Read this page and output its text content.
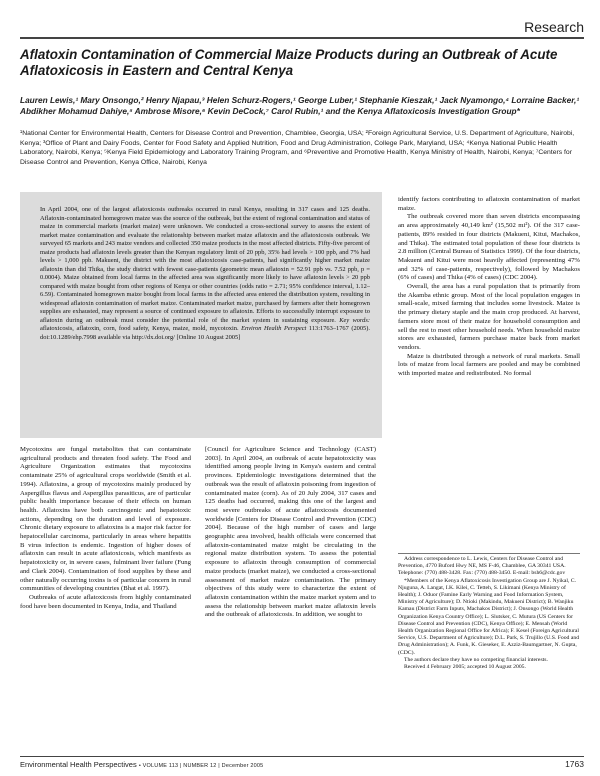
Research
Aflatoxin Contamination of Commercial Maize Products during an Outbreak of Acute Aflatoxicosis in Eastern and Central Kenya
Lauren Lewis,¹ Mary Onsongo,² Henry Njapau,³ Helen Schurz-Rogers,¹ George Luber,¹ Stephanie Kieszak,¹ Jack Nyamongo,⁴ Lorraine Backer,¹ Abdikher Mohamud Dahiye,⁵ Ambrose Misore,⁶ Kevin DeCock,⁷ Carol Rubin,¹ and the Kenya Aflatoxicosis Investigation Group*
¹National Center for Environmental Health, Centers for Disease Control and Prevention, Chamblee, Georgia, USA; ²Foreign Agricultural Service, U.S. Department of Agriculture, Nairobi, Kenya; ³Office of Plant and Dairy Foods, Center for Food Safety and Applied Nutrition, Food and Drug Administration, College Park, Maryland, USA; ⁴Kenya National Public Health Laboratory, Nairobi, Kenya; ⁵Kenya Field Epidemiology and Laboratory Training Program, and ⁶Preventive and Promotive Health, Kenya Ministry of Health, Nairobi, Kenya; ⁷Centers for Disease Control and Prevention, Kenya Office, Nairobi, Kenya
In April 2004, one of the largest aflatoxicosis outbreaks occurred in rural Kenya, resulting in 317 cases and 125 deaths. Aflatoxin-contaminated homegrown maize was the source of the outbreak, but the extent of regional contamination and status of maize in commercial markets (market maize) were unknown. We conducted a cross-sectional survey to assess the extent of market maize contamination and evaluate the relationship between market maize aflatoxin and the aflatoxicosis outbreak. We surveyed 65 markets and 243 maize vendors and collected 350 maize products in the most affected districts. Fifty-five percent of maize products had aflatoxin levels greater than the Kenyan regulatory limit of 20 ppb, 35% had levels > 100 ppb, and 7% had levels > 1,000 ppb. Makueni, the district with the most aflatoxicosis case-patients, had significantly higher market maize aflatoxin than did Thika, the study district with fewest case-patients (geometric mean aflatoxin = 52.91 ppb vs. 7.52 ppb, p = 0.0004). Maize obtained from local farms in the affected area was significantly more likely to have aflatoxin levels > 20 ppb compared with maize bought from other regions of Kenya or other countries (odds ratio = 2.71; 95% confidence interval, 1.12–6.59). Contaminated homegrown maize bought from local farms in the affected area entered the distribution system, resulting in widespread aflatoxin contamination of market maize. Contaminated market maize, purchased by farmers after their homegrown supplies are exhausted, may represent a source of continued exposure to aflatoxin. Efforts to successfully interrupt exposure to aflatoxin during an outbreak must consider the potential role of the market system in sustaining exposure. Key words: aflatoxicosis, aflatoxin, corn, food safety, Kenya, maize, mold, mycotoxin. Environ Health Perspect 113:1763–1767 (2005). doi:10.1289/ehp.7998 available via http://dx.doi.org/ [Online 10 August 2005]

Mycotoxins are fungal metabolites that can contaminate agricultural products and threaten food safety. The Food and Agriculture Organization estimates that mycotoxins contaminate 25% of agricultural crops worldwide (Smith et al. 1994). Aflatoxins, a group of mycotoxins mainly produced by Aspergillus flavus and Aspergillus parasiticus, are of particular public health importance because of their effects on human health. Aflatoxins have both carcinogenic and hepatotoxic actions, depending on the duration and level of exposure. Chronic dietary exposure to aflatoxins is a major risk factor for hepatocellular carcinoma, particularly in areas where hepatitis B virus infection is endemic. Ingestion of higher doses of aflatoxin can result in acute aflatoxicosis, which manifests as hepatotoxicity or, in severe cases, fulminant liver failure (Fung and Clark 2004). Contamination of food supplies by these and other naturally occurring toxins is of particular concern in rural communities of developing countries (Bhat et al. 1997).

Outbreaks of acute aflatoxicosis from highly contaminated food have been documented in Kenya, India, and Thailand

[Council for Agriculture Science and Technology (CAST) 2003]. In April 2004, an outbreak of acute hepatotoxicity was identified among people living in Kenya's eastern and central provinces. Epidemiologic investigations determined that the outbreak was the result of aflatoxin poisoning from ingestion of contaminated maize (corn). As of 20 July 2004, 317 cases and 125 deaths had occurred, making this one of the largest and most severe outbreaks of acute aflatoxicosis documented worldwide [Centers for Disease Control and Prevention (CDC) 2004]. Because of the high number of cases and large geographic area involved, health officials were concerned that aflatoxin-contaminated maize might be circulating in the regional maize distribution system. To assess the potential exposure to aflatoxin through consumption of commercial maize products (market maize), we conducted a cross-sectional assessment of market maize contamination. The primary objectives of this study were to characterize the extent of aflatoxin contamination within the maize market system and to assess the relationship between market maize aflatoxin levels and the outbreak of aflatoxicosis. In addition, we sought to

identify factors contributing to aflatoxin contamination of market maize.

The outbreak covered more than seven districts encompassing an area approximately 40,149 km² (15,502 mi²). Of the 317 case-patients, 89% resided in four districts (Makueni, Kitui, Machakos, and Thika). The estimated total population of these four districts is 2.8 million (Central Bureau of Statistics 1999). Of the four districts, Makueni and Kitui were most heavily affected (representing 47% and 32% of case-patients, respectively), followed by Machakos (6% of cases) and Thika (4% of cases) (CDC 2004).

Overall, the area has a rural population that is primarily from the Akamba ethnic group. Most of the local population engages in small-scale, mixed farming that includes some livestock. Maize is the primary dietary staple and the main crop produced. At harvest, farmers store most of their maize for household consumption and sell the rest to meet other household needs. When household maize stores are exhausted, farmers purchase maize back from market vendors.

Maize is distributed through a network of rural markets. Small lots of maize from local farmers are pooled and may be combined with imported maize and redistributed. No formal

Address correspondence to L. Lewis, Centers for Disease Control and Prevention, 4770 Buford Hwy NE, MS F-46, Chamblee, GA 30341 USA. Telephone: (770) 488-3428. Fax: (770) 488-3450. E-mail: bsh6@cdc.gov

*Members of the Kenya Aflatoxicosis Investigation Group are J. Nyikal, C. Njuguna, A. Langat, I.K. Kilei, C. Tetteh, S. Likimani (Kenya Ministry of Health); J. Oduor (Famine Early Warning and Food Information System, Ministry of Agriculture); D. Ntioki (Makindu, Makueni District); B. Wanjiku Kamau (District Farm Inputs, Machakos District); J. Onsongo (World Health Organization Kenya Country Office); L. Slutsker, C. Mutura (US Centers for Disease Control and Prevention (CDC), Kenya Office); E. Mensah (World Health Organization Regional Office for Africa); F. Kesel (Foreign Agricultural Service, U.S. Department of Agriculture); D.L. Park, S. Trujillo (U.S. Food and Drug Administration); A. Funk, K. Gieseker, E. Azziz-Baumgartner, N. Gupta, (CDC).

The authors declare they have no competing financial interests.

Received 4 February 2005; accepted 10 August 2005.

Environmental Health Perspectives • VOLUME 113 | NUMBER 12 | December 2005	1763
